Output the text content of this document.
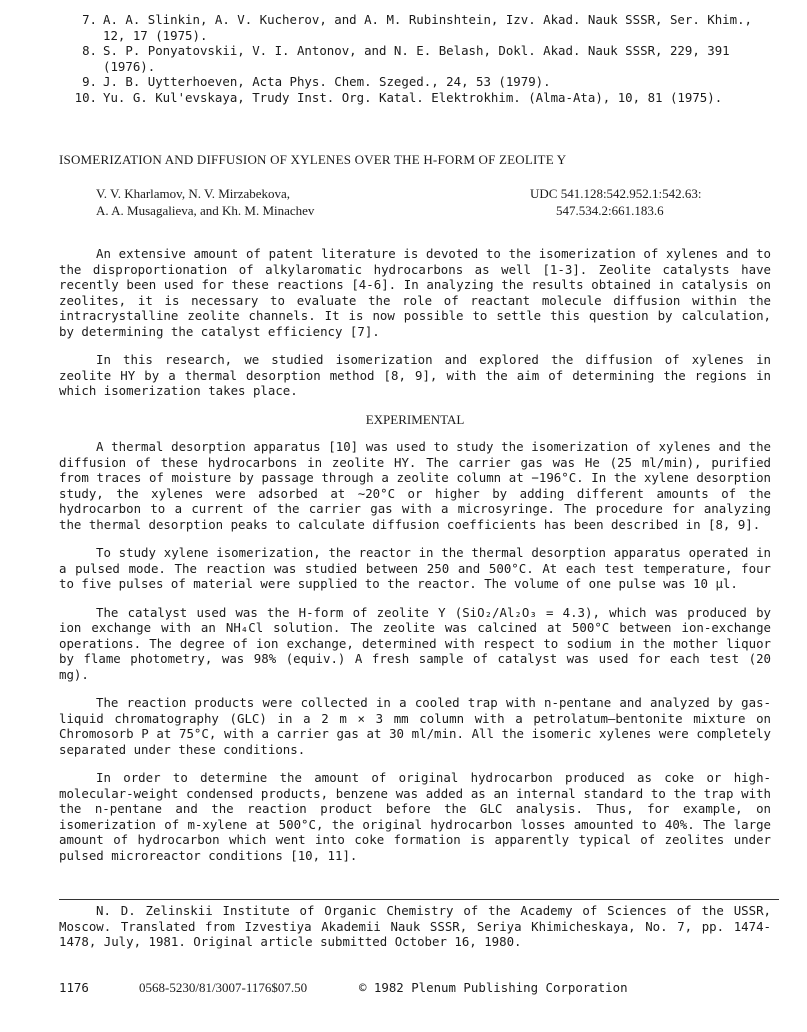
7. A. A. Slinkin, A. V. Kucherov, and A. M. Rubinshtein, Izv. Akad. Nauk SSSR, Ser. Khim.,
12, 17 (1975).
8. S. P. Ponyatovskii, V. I. Antonov, and N. E. Belash, Dokl. Akad. Nauk SSSR, 229, 391
(1976).
9. J. B. Uytterhoeven, Acta Phys. Chem. Szeged., 24, 53 (1979).
10. Yu. G. Kul'evskaya, Trudy Inst. Org. Katal. Elektrokhim. (Alma-Ata), 10, 81 (1975).
ISOMERIZATION AND DIFFUSION OF XYLENES OVER THE H-FORM OF ZEOLITE Y
V. V. Kharlamov, N. V. Mirzabekova,
A. A. Musagalieva, and Kh. M. Minachev
UDC 541.128:542.952.1:542.63:
547.534.2:661.183.6

An extensive amount of patent literature is devoted to the isomerization of xylenes and to the disproportionation of alkylaromatic hydrocarbons as well [1-3]. Zeolite catalysts have recently been used for these reactions [4-6]. In analyzing the results obtained in catalysis on zeolites, it is necessary to evaluate the role of reactant molecule diffusion within the intracrystalline zeolite channels. It is now possible to settle this question by calculation, by determining the catalyst efficiency [7].

In this research, we studied isomerization and explored the diffusion of xylenes in zeolite HY by a thermal desorption method [8, 9], with the aim of determining the regions in which isomerization takes place.

EXPERIMENTAL

A thermal desorption apparatus [10] was used to study the isomerization of xylenes and the diffusion of these hydrocarbons in zeolite HY. The carrier gas was He (25 ml/min), purified from traces of moisture by passage through a zeolite column at −196°C. In the xylene desorption study, the xylenes were adsorbed at ∼20°C or higher by adding different amounts of the hydrocarbon to a current of the carrier gas with a microsyringe. The procedure for analyzing the thermal desorption peaks to calculate diffusion coefficients has been described in [8, 9].

To study xylene isomerization, the reactor in the thermal desorption apparatus operated in a pulsed mode. The reaction was studied between 250 and 500°C. At each test temperature, four to five pulses of material were supplied to the reactor. The volume of one pulse was 10 μl.

The catalyst used was the H-form of zeolite Y (SiO₂/Al₂O₃ = 4.3), which was produced by ion exchange with an NH₄Cl solution. The zeolite was calcined at 500°C between ion-exchange operations. The degree of ion exchange, determined with respect to sodium in the mother liquor by flame photometry, was 98% (equiv.) A fresh sample of catalyst was used for each test (20 mg).

The reaction products were collected in a cooled trap with n-pentane and analyzed by gas-liquid chromatography (GLC) in a 2 m × 3 mm column with a petrolatum—bentonite mixture on Chromosorb P at 75°C, with a carrier gas at 30 ml/min. All the isomeric xylenes were completely separated under these conditions.

In order to determine the amount of original hydrocarbon produced as coke or high-molecular-weight condensed products, benzene was added as an internal standard to the trap with the n-pentane and the reaction product before the GLC analysis. Thus, for example, on isomerization of m-xylene at 500°C, the original hydrocarbon losses amounted to 40%. The large amount of hydrocarbon which went into coke formation is apparently typical of zeolites under pulsed microreactor conditions [10, 11].

N. D. Zelinskii Institute of Organic Chemistry of the Academy of Sciences of the USSR, Moscow. Translated from Izvestiya Akademii Nauk SSSR, Seriya Khimicheskaya, No. 7, pp. 1474-1478, July, 1981. Original article submitted October 16, 1980.

1176	0568-5230/81/3007-1176$07.50	© 1982 Plenum Publishing Corporation
